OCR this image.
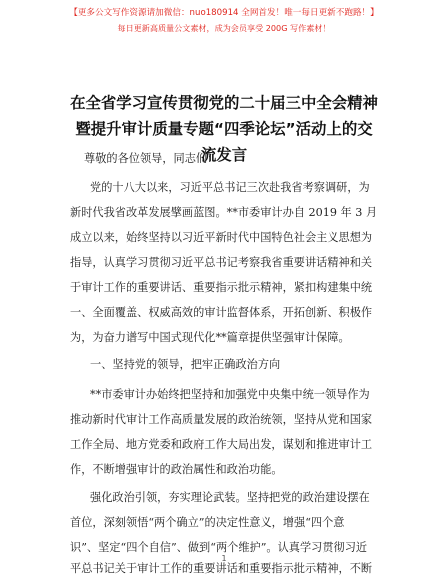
【更多公文写作资源请加微信：nuo180914 全网首发！唯一每日更新不跑路！】
每日更新高质量公文素材，成为会员享受 200G 写作素材！
在全省学习宣传贯彻党的二十届三中全会精神
暨提升审计质量专题“四季论坛”活动上的交
流发言
尊敬的各位领导，同志们：
党的十八大以来，习近平总书记三次赴我省考察调研，为
新时代我省改革发展擘画蓝图。**市委审计办自 2019 年 3 月
成立以来，始终坚持以习近平新时代中国特色社会主义思想为
指导，认真学习贯彻习近平总书记考察我省重要讲话精神和关
于审计工作的重要讲话、重要指示批示精神，紧扣构建集中统
一、全面覆盖、权威高效的审计监督体系，开拓创新、积极作
为，为奋力谱写中国式现代化**篇章提供坚强审计保障。
一、坚持党的领导，把牢正确政治方向
**市委审计办始终把坚持和加强党中央集中统一领导作为
推动新时代审计工作高质量发展的政治统领，坚持从党和国家
工作全局、地方党委和政府工作大局出发，谋划和推进审计工
作，不断增强审计的政治属性和政治功能。
强化政治引领，夯实理论武装。坚持把党的政治建设摆在
首位，深刻领悟“两个确立”的决定性意义，增强“四个意
识”、坚定“四个自信”、做到“两个维护”。认真学习贯彻习近
平总书记关于审计工作的重要讲话和重要指示批示精神，不断
1
